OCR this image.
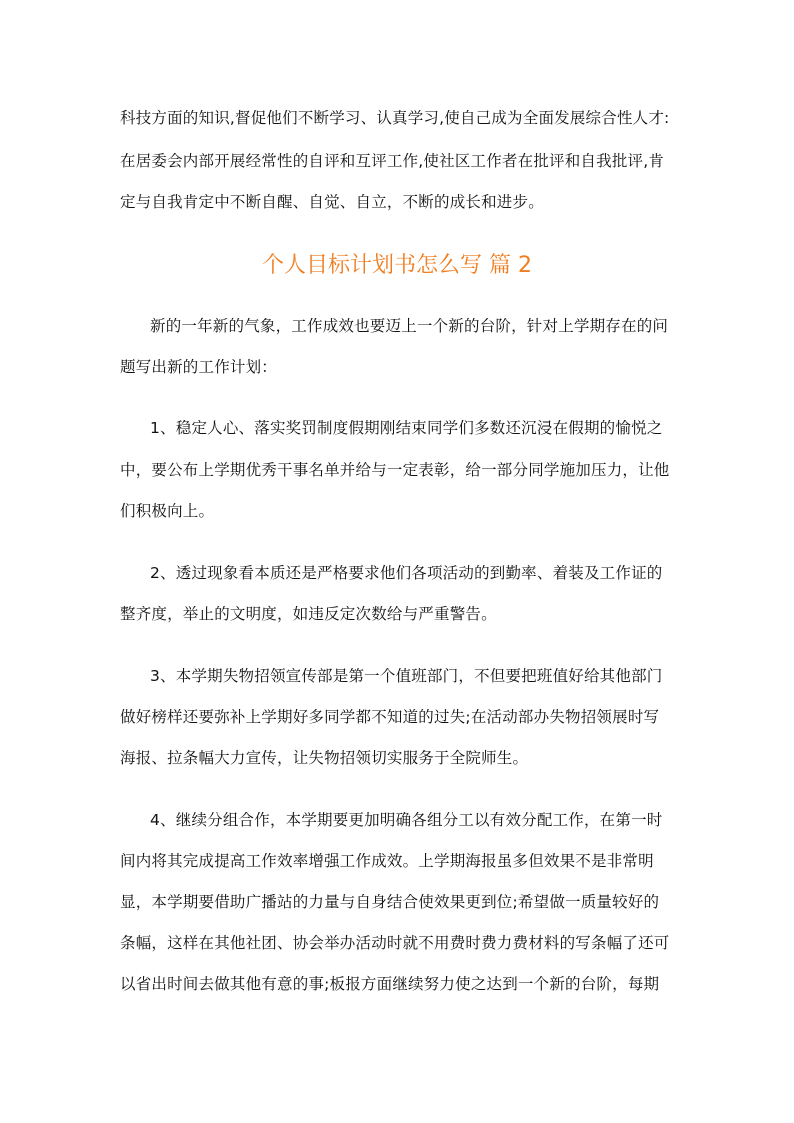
科技方面的知识,督促他们不断学习、认真学习,使自己成为全面发展综合性人才:
在居委会内部开展经常性的自评和互评工作,使社区工作者在批评和自我批评,肯
定与自我肯定中不断自醒、自觉、自立，不断的成长和进步。
个人目标计划书怎么写 篇 2
新的一年新的气象，工作成效也要迈上一个新的台阶，针对上学期存在的问
题写出新的工作计划：
1、稳定人心、落实奖罚制度假期刚结束同学们多数还沉浸在假期的愉悦之
中，要公布上学期优秀干事名单并给与一定表彰，给一部分同学施加压力，让他
们积极向上。
2、透过现象看本质还是严格要求他们各项活动的到勤率、着装及工作证的
整齐度，举止的文明度，如违反定次数给与严重警告。
3、本学期失物招领宣传部是第一个值班部门，不但要把班值好给其他部门
做好榜样还要弥补上学期好多同学都不知道的过失;在活动部办失物招领展时写
海报、拉条幅大力宣传，让失物招领切实服务于全院师生。
4、继续分组合作，本学期要更加明确各组分工以有效分配工作，在第一时
间内将其完成提高工作效率增强工作成效。上学期海报虽多但效果不是非常明
显，本学期要借助广播站的力量与自身结合使效果更到位;希望做一质量较好的
条幅，这样在其他社团、协会举办活动时就不用费时费力费材料的写条幅了还可
以省出时间去做其他有意的事;板报方面继续努力使之达到一个新的台阶，每期
